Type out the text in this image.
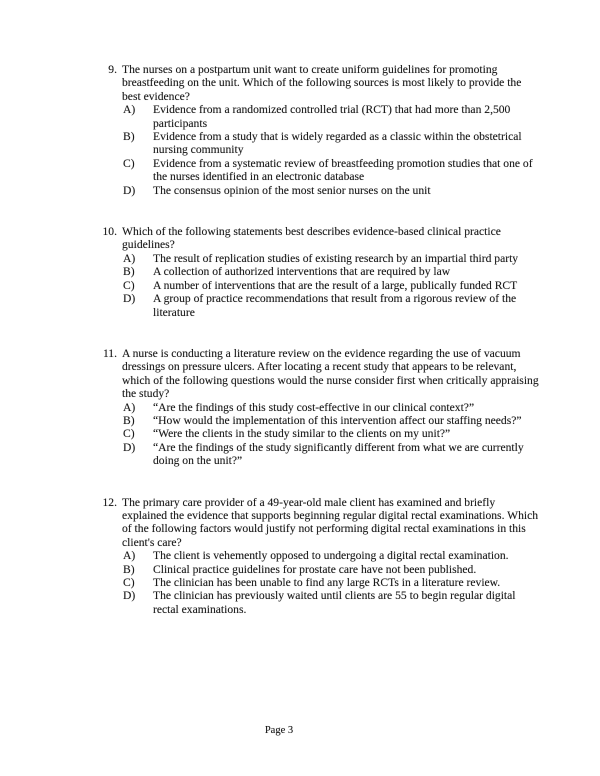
9. The nurses on a postpartum unit want to create uniform guidelines for promoting breastfeeding on the unit. Which of the following sources is most likely to provide the best evidence?
A)	Evidence from a randomized controlled trial (RCT) that had more than 2,500 participants
B)	Evidence from a study that is widely regarded as a classic within the obstetrical nursing community
C)	Evidence from a systematic review of breastfeeding promotion studies that one of the nurses identified in an electronic database
D)	The consensus opinion of the most senior nurses on the unit
10. Which of the following statements best describes evidence-based clinical practice guidelines?
A)	The result of replication studies of existing research by an impartial third party
B)	A collection of authorized interventions that are required by law
C)	A number of interventions that are the result of a large, publically funded RCT
D)	A group of practice recommendations that result from a rigorous review of the literature
11. A nurse is conducting a literature review on the evidence regarding the use of vacuum dressings on pressure ulcers. After locating a recent study that appears to be relevant, which of the following questions would the nurse consider first when critically appraising the study?
A)	“Are the findings of this study cost-effective in our clinical context?”
B)	“How would the implementation of this intervention affect our staffing needs?”
C)	“Were the clients in the study similar to the clients on my unit?”
D)	“Are the findings of the study significantly different from what we are currently doing on the unit?”
12. The primary care provider of a 49-year-old male client has examined and briefly explained the evidence that supports beginning regular digital rectal examinations. Which of the following factors would justify not performing digital rectal examinations in this client's care?
A)	The client is vehemently opposed to undergoing a digital rectal examination.
B)	Clinical practice guidelines for prostate care have not been published.
C)	The clinician has been unable to find any large RCTs in a literature review.
D)	The clinician has previously waited until clients are 55 to begin regular digital rectal examinations.
Page 3
